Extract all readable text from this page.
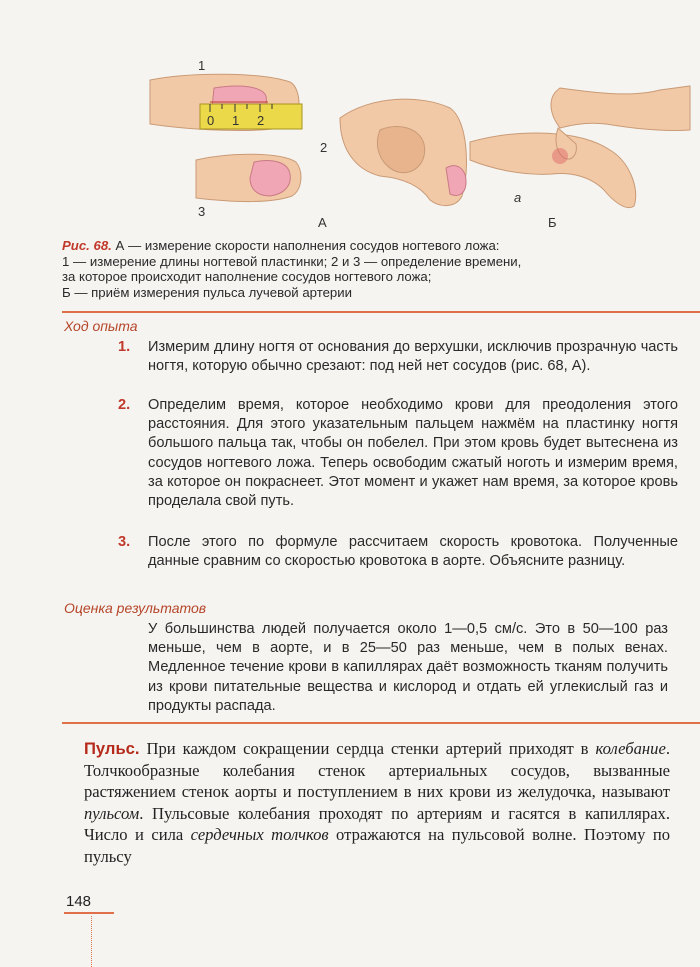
0 1 2
1
3
2
А
а
Б
Рис. 68. А — измерение скорости наполнения сосудов ногтевого ложа:
1 — измерение длины ногтевой пластинки; 2 и 3 — определение времени,
за которое происходит наполнение сосудов ногтевого ложа;
Б — приём измерения пульса лучевой артерии
Ход опыта
1.	Измерим длину ногтя от основания до верхушки, исключив прозрачную часть ногтя, которую обычно срезают: под ней нет сосудов (рис. 68, А).
2.	Определим время, которое необходимо крови для преодоления этого расстояния. Для этого указательным пальцем нажмём на пластинку ногтя большого пальца так, чтобы он побелел. При этом кровь будет вытеснена из сосудов ногтевого ложа. Теперь освободим сжатый ноготь и измерим время, за которое он покраснеет. Этот момент и укажет нам время, за которое кровь проделала свой путь.
3.	После этого по формуле рассчитаем скорость кровотока. Полученные данные сравним со скоростью кровотока в аорте. Объясните разницу.
Оценка результатов
У большинства людей получается около 1—0,5 см/с. Это в 50—100 раз меньше, чем в аорте, и в 25—50 раз меньше, чем в полых венах. Медленное течение крови в капиллярах даёт возможность тканям получить из крови питательные вещества и кислород и отдать ей углекислый газ и продукты распада.
Пульс. При каждом сокращении сердца стенки артерий приходят в колебание. Толчкообразные колебания стенок артериальных сосудов, вызванные растяжением стенок аорты и поступлением в них крови из желудочка, называют пульсом. Пульсовые колебания проходят по артериям и гасятся в капиллярах. Число и сила сердечных толчков отражаются на пульсовой волне. Поэтому по пульсу
148
